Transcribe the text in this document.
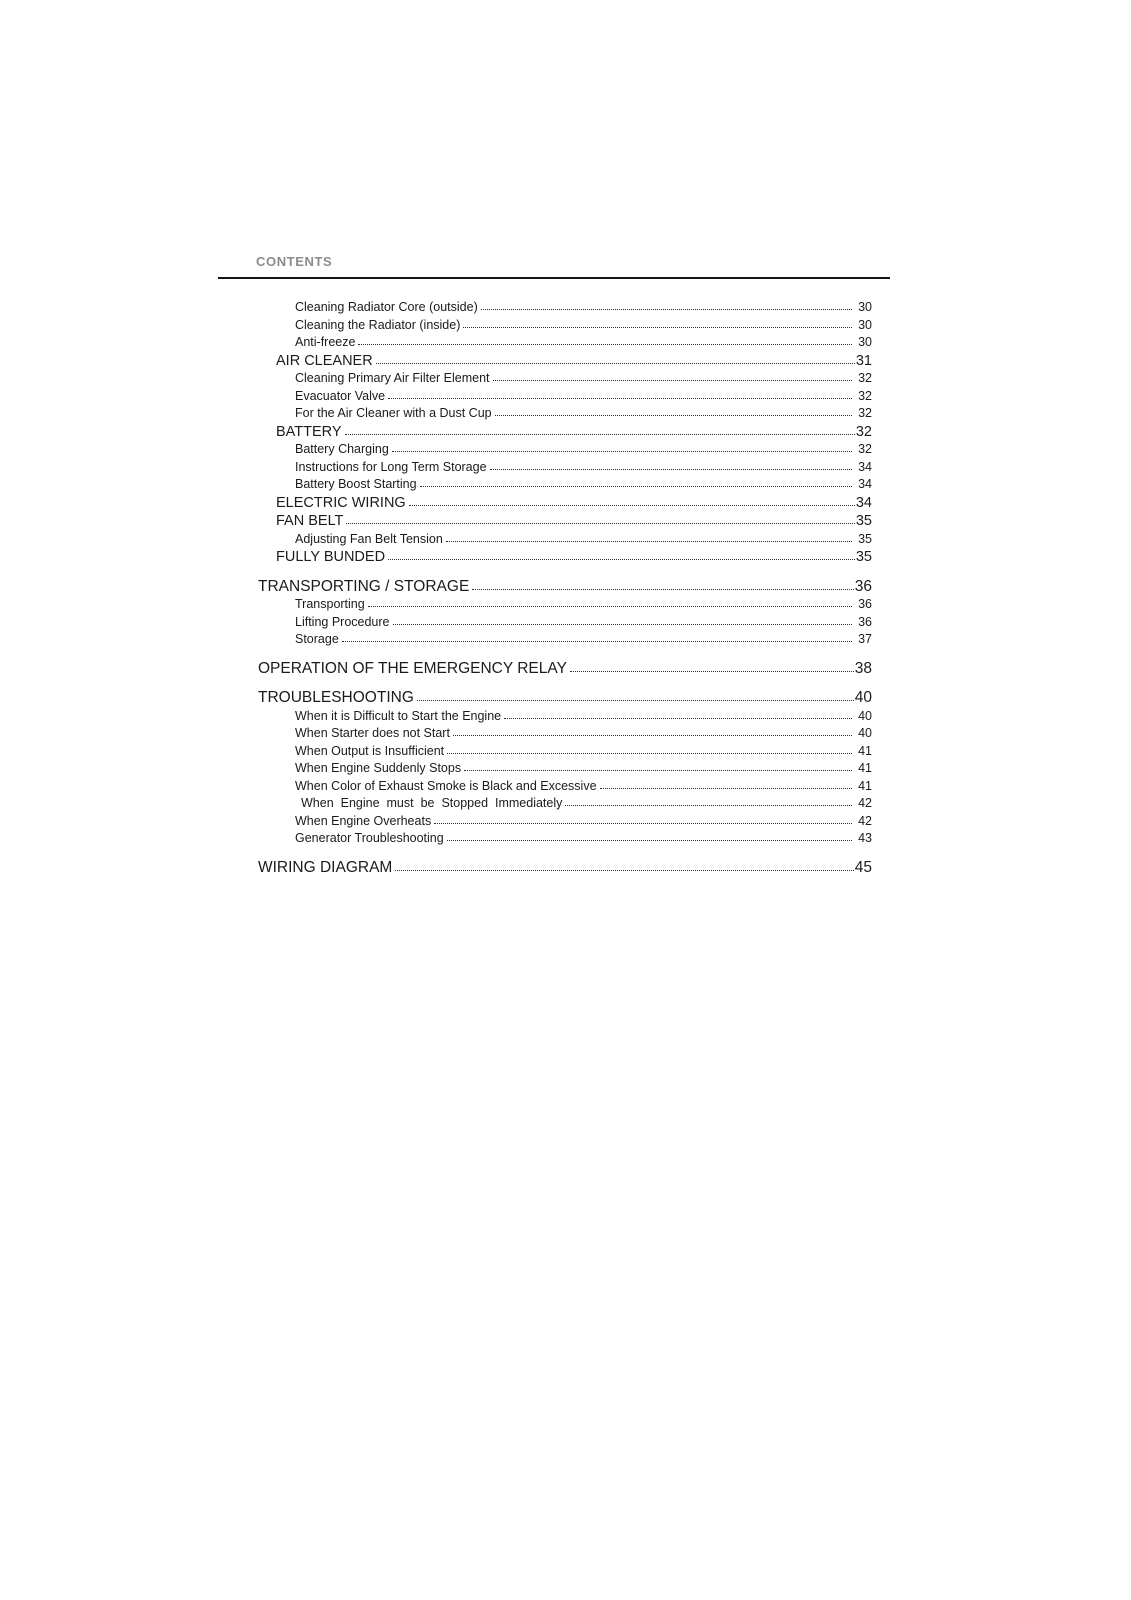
CONTENTS
Cleaning Radiator Core (outside)	30
Cleaning the Radiator (inside)	30
Anti-freeze	30
AIR CLEANER	31
Cleaning Primary Air Filter Element	32
Evacuator Valve	32
For the Air Cleaner with a Dust Cup	32
BATTERY	32
Battery Charging	32
Instructions for Long Term Storage	34
Battery Boost Starting	34
ELECTRIC WIRING	34
FAN BELT	35
Adjusting Fan Belt Tension	35
FULLY BUNDED	35
TRANSPORTING / STORAGE	36
Transporting	36
Lifting Procedure	36
Storage	37
OPERATION OF THE EMERGENCY RELAY	38
TROUBLESHOOTING	40
When it is Difficult to Start the Engine	40
When Starter does not Start	40
When Output is Insufficient	41
When Engine Suddenly Stops	41
When Color of Exhaust Smoke is Black and Excessive	41
When Engine must be Stopped Immediately	42
When Engine Overheats	42
Generator Troubleshooting	43
WIRING DIAGRAM	45
